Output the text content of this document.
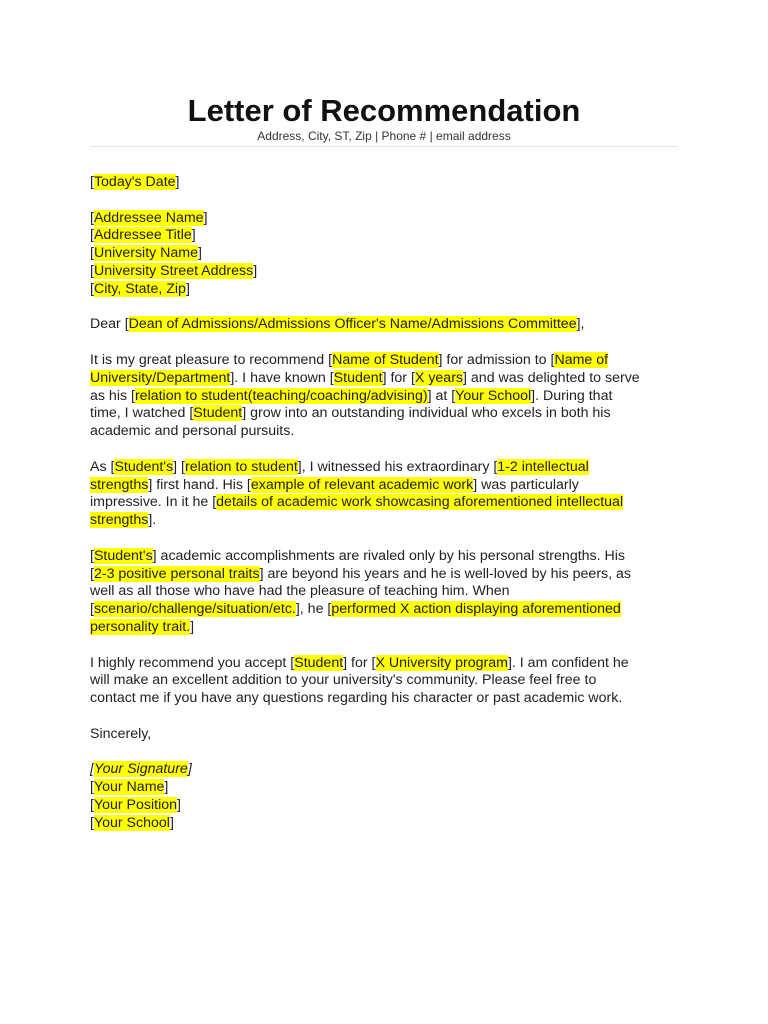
Letter of Recommendation
Address, City, ST, Zip | Phone # | email address
[Today's Date]
[Addressee Name]
[Addressee Title]
[University Name]
[University Street Address]
[City, State, Zip]
Dear [Dean of Admissions/Admissions Officer's Name/Admissions Committee],
It is my great pleasure to recommend [Name of Student] for admission to [Name of
University/Department]. I have known [Student] for [X years] and was delighted to serve
as his [relation to student(teaching/coaching/advising)] at [Your School]. During that
time, I watched [Student] grow into an outstanding individual who excels in both his
academic and personal pursuits.
As [Student's] [relation to student], I witnessed his extraordinary [1-2 intellectual
strengths] first hand. His [example of relevant academic work] was particularly
impressive. In it he [details of academic work showcasing aforementioned intellectual
strengths].
[Student's] academic accomplishments are rivaled only by his personal strengths. His
[2-3 positive personal traits] are beyond his years and he is well-loved by his peers, as
well as all those who have had the pleasure of teaching him. When
[scenario/challenge/situation/etc.], he [performed X action displaying aforementioned
personality trait.]
I highly recommend you accept [Student] for [X University program]. I am confident he
will make an excellent addition to your university's community. Please feel free to
contact me if you have any questions regarding his character or past academic work.
Sincerely,
[Your Signature]
[Your Name]
[Your Position]
[Your School]
